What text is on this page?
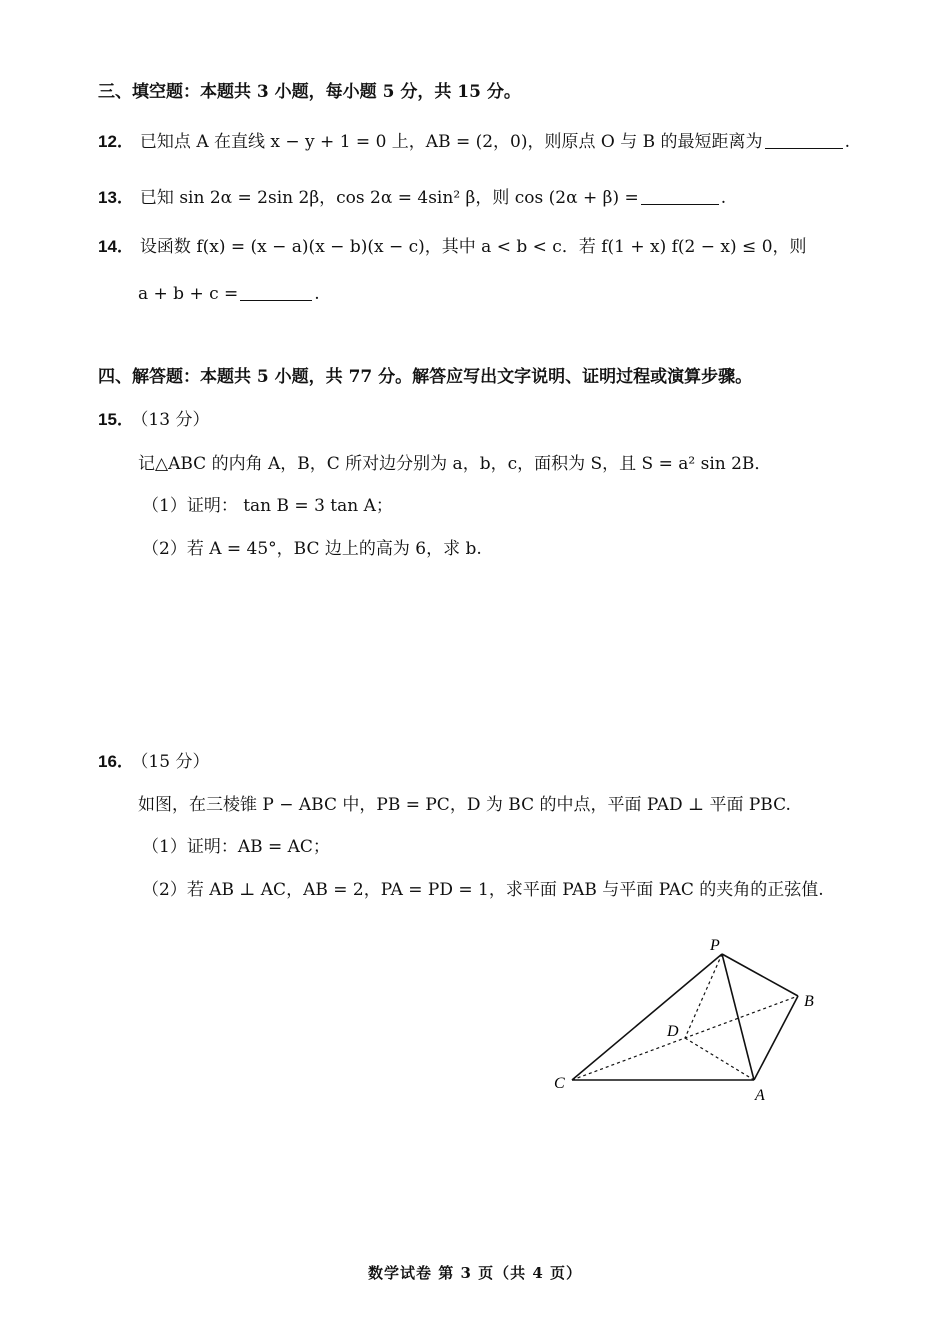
三、填空题：本题共 3 小题，每小题 5 分，共 15 分。
12． 已知点 A 在直线 x − y + 1 = 0 上，AB = (2，0)，则原点 O 与 B 的最短距离为	.
13． 已知 sin 2α = 2sin 2β，cos 2α = 4sin² β，则 cos (2α + β) =	.
14． 设函数 f(x) = (x − a)(x − b)(x − c)，其中 a < b < c．若 f(1 + x) f(2 − x) ≤ 0，则
a + b + c =	.
四、解答题：本题共 5 小题，共 77 分。解答应写出文字说明、证明过程或演算步骤。
15． （13 分）
记△ABC 的内角 A，B，C 所对边分别为 a，b，c，面积为 S，且 S = a² sin 2B．
（1）证明： tan B = 3 tan A；
（2）若 A = 45°，BC 边上的高为 6，求 b.
16． （15 分）
如图，在三棱锥 P − ABC 中，PB = PC，D 为 BC 的中点，平面 PAD ⊥ 平面 PBC.
（1）证明：AB = AC；
（2）若 AB ⊥ AC，AB = 2，PA = PD = 1，求平面 PAB 与平面 PAC 的夹角的正弦值.
P
B
D
C
A
数学试卷 第 3 页（共 4 页）
